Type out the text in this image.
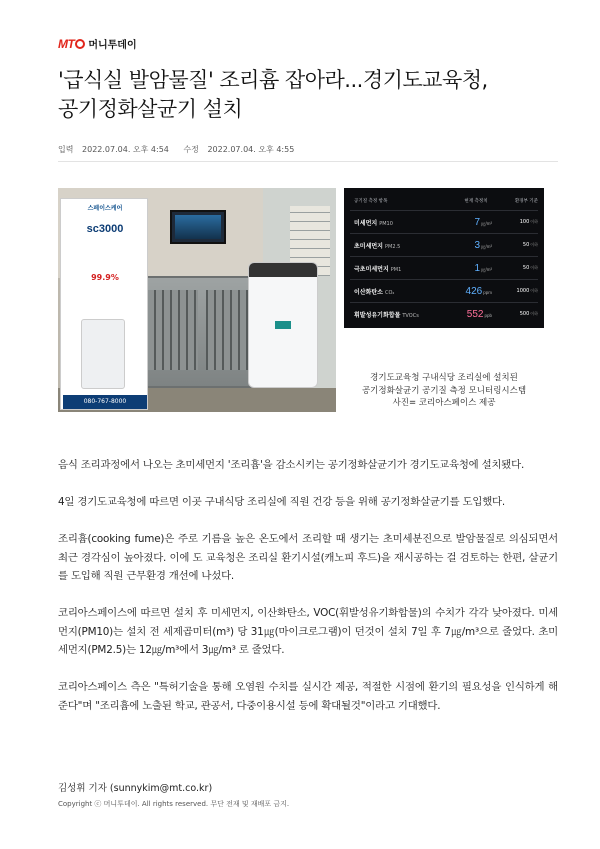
MT 머니투데이
'급식실 발암물질' 조리흄 잡아라...경기도교육청,
공기정화살균기 설치
입력 2022.07.04. 오후 4:54 수정 2022.07.04. 오후 4:55
스페이스케어
sc3000
99.9%
080-767-8000
공기질 측정 항목	현재 측정치	환경부 기준
미세먼지 PM10	7㎍/m³	100이하
초미세먼지 PM2.5	3㎍/m³	50이하
극초미세먼지 PM1	1㎍/m³	50이하
이산화탄소 CO₂	426ppm	1000이하
휘발성유기화합물 TVOCs	552ppb	500이하
경기도교육청 구내식당 조리실에 설치된
공기정화살균기 공기질 측정 모니터링시스템
사진= 코리아스페이스 제공

음식 조리과정에서 나오는 초미세먼지 '조리흄'을 감소시키는 공기정화살균기가 경기도교육청에 설치됐다.

4일 경기도교육청에 따르면 이곳 구내식당 조리실에 직원 건강 등을 위해 공기정화살균기를 도입했다.

조리흄(cooking fume)은 주로 기름을 높은 온도에서 조리할 때 생기는 초미세분진으로 발암물질로 의심되면서 최근 경각심이 높아졌다. 이에 도 교육청은 조리실 환기시설(캐노피 후드)을 재시공하는 걸 검토하는 한편, 살균기를 도입해 직원 근무환경 개선에 나섰다.

코리아스페이스에 따르면 설치 후 미세먼지, 이산화탄소, VOC(휘발성유기화합물)의 수치가 각각 낮아졌다. 미세먼지(PM10)는 설치 전 세제곱미터(m³) 당 31㎍(마이크로그램)이 던것이 설치 7일 후 7㎍/m³으로 줄었다. 초미세먼지(PM2.5)는 12㎍/m³에서 3㎍/m³ 로 줄었다.

코리아스페이스 측은 "특허기술을 통해 오염원 수치를 실시간 제공, 적절한 시점에 환기의 필요성을 인식하게 해준다"며 "조리흄에 노출된 학교, 관공서, 다중이용시설 등에 확대될것"이라고 기대했다.

김성휘 기자 (sunnykim@mt.co.kr)
Copyright ⓒ 머니투데이. All rights reserved. 무단 전재 및 재배포 금지.
